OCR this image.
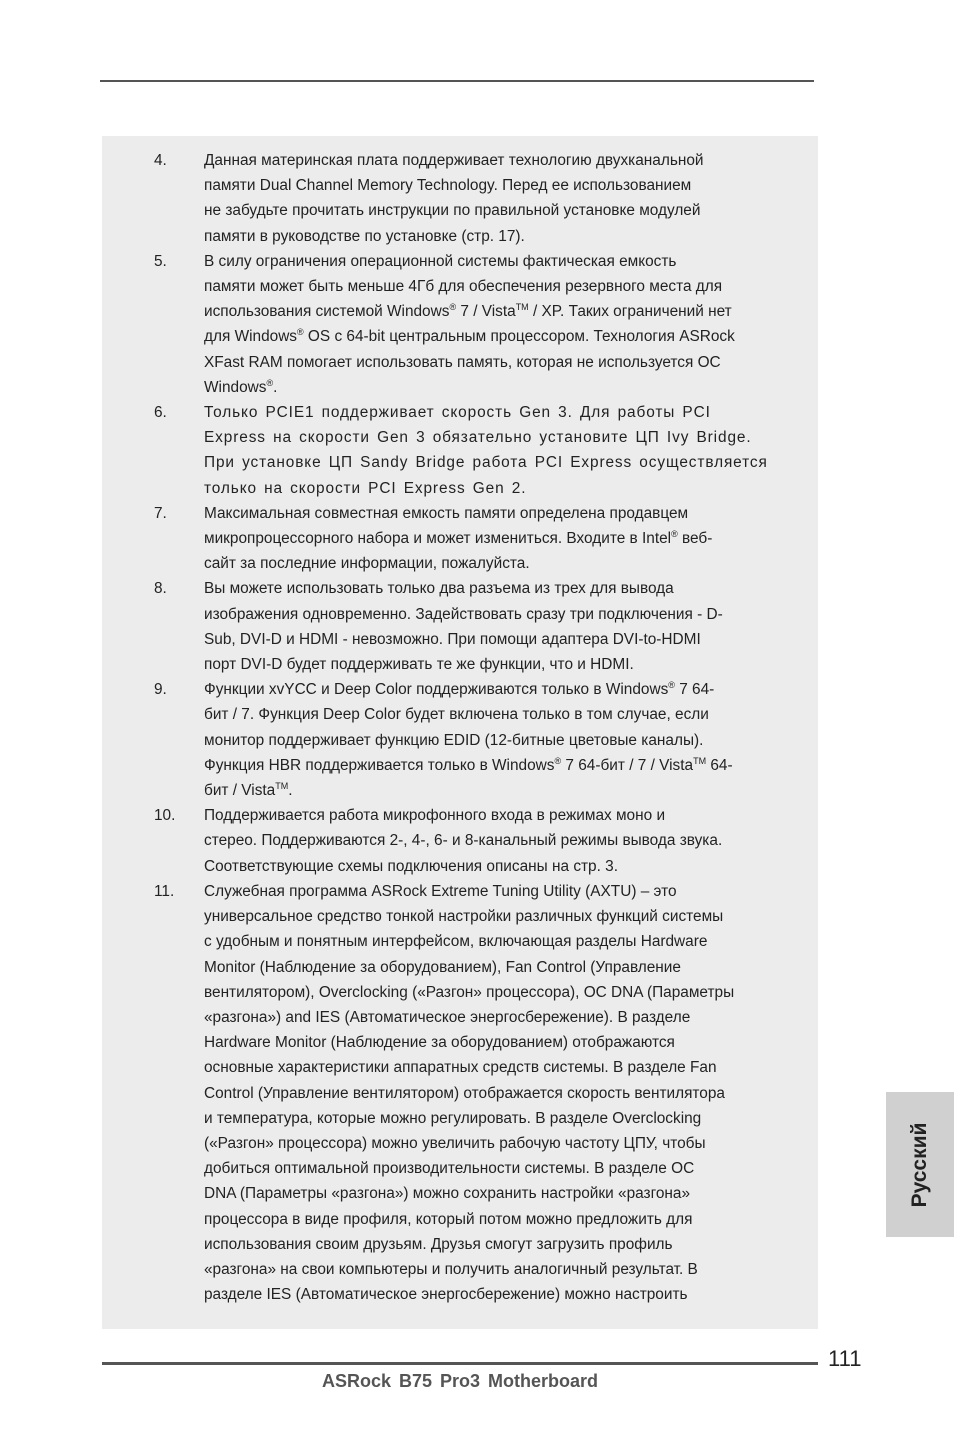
4.	Данная материнская плата поддерживает технологию двухканальной
памяти Dual Channel Memory Technology. Перед ее использованием
не забудьте прочитать инструкции по правильной установке модулей
памяти в руководстве по установке (стр. 17).
5.	В силу ограничения операционной системы фактическая емкость
памяти может быть меньше 4Гб для обеспечения резервного места для
использования системой Windows® 7 / Vista™ / XP. Таких ограничений нет
для Windows® OS с 64-bit центральным процессором. Технология ASRock
XFast RAM помогает использовать память, которая не используется OC
Windows®.
6.	Только PCIE1 поддерживает скорость Gen 3. Для работы PCI
Express на скорости Gen 3 обязательно установите ЦП Ivy Bridge.
При установке ЦП Sandy Bridge работа PCI Express осуществляется
только на скорости PCI Express Gen 2.
7.	Максимальная совместная емкость памяти определена продавцем
микропроцессорного набора и может измениться. Входите в Intel® веб-
сайт за последние информации, пожалуйста.
8.	Вы можете использовать только два разъема из трех для вывода
изображения одновременно. Задействовать сразу три подключения - D-
Sub, DVI-D и HDMI - невозможно. При помощи адаптера DVI-to-HDMI
порт DVI-D будет поддерживать те же функции, что и HDMI.
9.	Функции xvYCC и Deep Color поддерживаются только в Windows® 7 64-
бит / 7. Функция Deep Color будет включена только в том случае, если
монитор поддерживает функцию EDID (12-битные цветовые каналы).
Функция HBR поддерживается только в Windows® 7 64-бит / 7 / Vista™ 64-
бит / Vista™.
10.	Поддерживается работа микрофонного входа в режимах моно и
стерео. Поддерживаются 2-, 4-, 6- и 8-канальный режимы вывода звука.
Соответствующие схемы подключения описаны на стр. 3.
11.	Служебная программа ASRock Extreme Tuning Utility (AXTU) – это
универсальное средство тонкой настройки различных функций системы
с удобным и понятным интерфейсом, включающая разделы Hardware
Monitor (Наблюдение за оборудованием), Fan Control (Управление
вентилятором), Overclocking («Разгон» процессора), OC DNA (Параметры
«разгона») and IES (Автоматическое энергосбережение). В разделе
Hardware Monitor (Наблюдение за оборудованием) отображаются
основные характеристики аппаратных средств системы. В разделе Fan
Control (Управление вентилятором) отображается скорость вентилятора
и температура, которые можно регулировать. В разделе Overclocking
(«Разгон» процессора) можно увеличить рабочую частоту ЦПУ, чтобы
добиться оптимальной производительности системы. В разделе OC
DNA (Параметры «разгона») можно сохранить настройки «разгона»
процессора в виде профиля, который потом можно предложить для
использования своим друзьям. Друзья смогут загрузить профиль
«разгона» на свои компьютеры и получить аналогичный результат. В
разделе IES (Автоматическое энергосбережение) можно настроить
Русский
111
ASRock B75 Pro3 Motherboard
